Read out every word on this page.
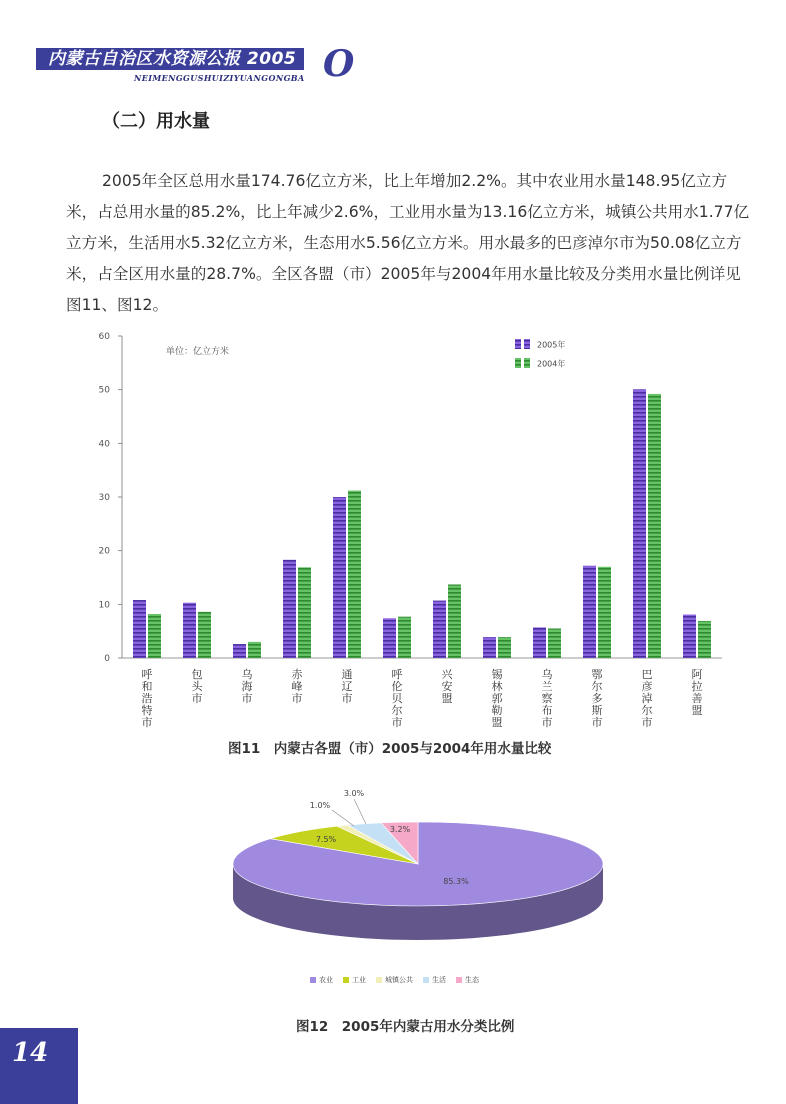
内蒙古自治区水资源公报 2005
NEIMENGGUSHUIZIYUANGONGBA O
（二）用水量
2005年全区总用水量174.76亿立方米，比上年增加2.2%。其中农业用水量148.95亿立方米，占总用水量的85.2%，比上年减少2.6%，工业用水量为13.16亿立方米，城镇公共用水1.77亿立方米，生活用水5.32亿立方米，生态用水5.56亿立方米。用水最多的巴彦淖尔市为50.08亿立方米，占全区用水量的28.7%。全区各盟（市）2005年与2004年用水量比较及分类用水量比例详见图11、图12。
0
10
20
30
40
50
60
单位：亿立方米
呼和浩特市
包头市
乌海市
赤峰市
通辽市
呼伦贝尔市
兴安盟
锡林郭勒盟
乌兰察布市
鄂尔多斯市
巴彦淖尔市
阿拉善盟
2005年
2004年
图11　内蒙古各盟（市）2005与2004年用水量比较
85.3%
7.5%
1.0%
3.0%
3.2%
农业	工业	城镇公共	生活	生态
图12　2005年内蒙古用水分类比例
14
